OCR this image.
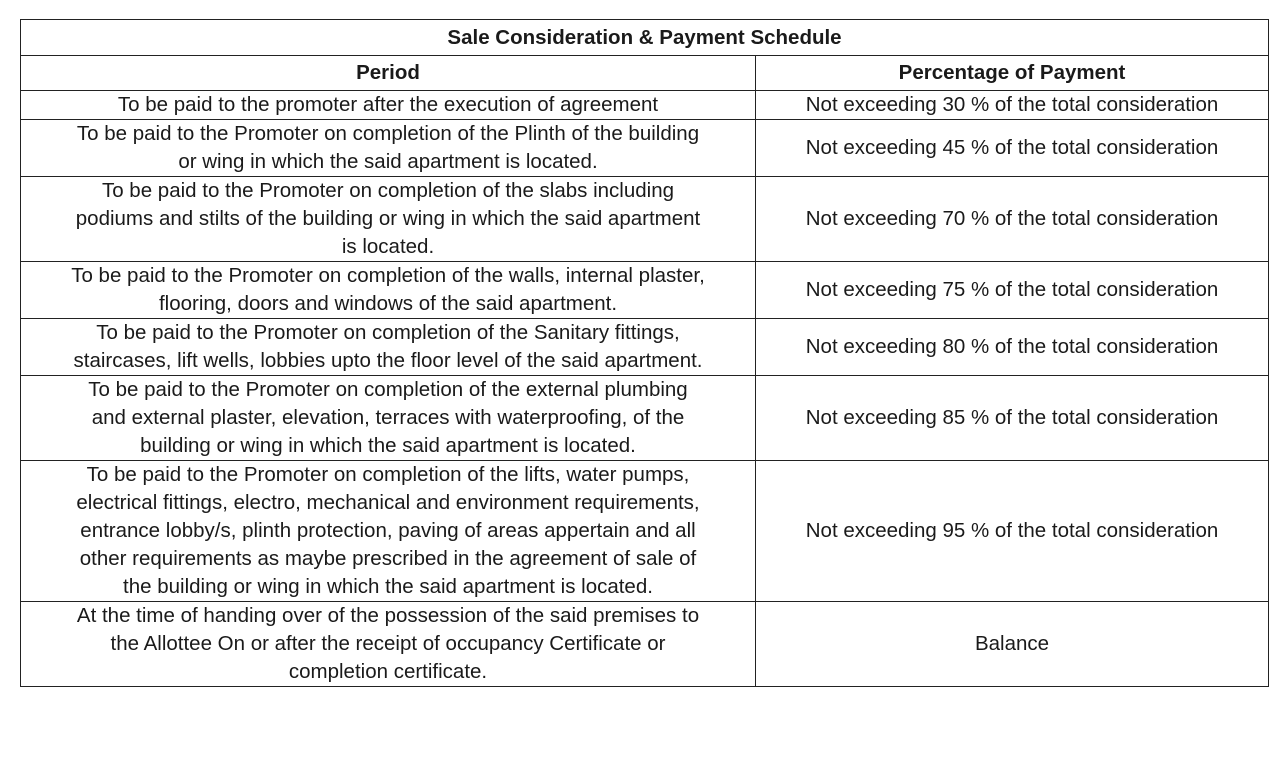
Sale Consideration & Payment Schedule	
Period	Percentage of Payment
To be paid to the promoter after the execution of agreement	Not exceeding 30 % of the total consideration
To be paid to the Promoter on completion of the Plinth of the building
or wing in which the said apartment is located.	Not exceeding 45 % of the total consideration
To be paid to the Promoter on completion of the slabs including
podiums and stilts of the building or wing in which the said apartment
is located.	Not exceeding 70 % of the total consideration
To be paid to the Promoter on completion of the walls, internal plaster,
flooring, doors and windows of the said apartment.	Not exceeding 75 % of the total consideration
To be paid to the Promoter on completion of the Sanitary fittings,
staircases, lift wells, lobbies upto the floor level of the said apartment.	Not exceeding 80 % of the total consideration
To be paid to the Promoter on completion of the external plumbing
and external plaster, elevation, terraces with waterproofing, of the
building or wing in which the said apartment is located.	Not exceeding 85 % of the total consideration
To be paid to the Promoter on completion of the lifts, water pumps,
electrical fittings, electro, mechanical and environment requirements,
entrance lobby/s, plinth protection, paving of areas appertain and all
other requirements as maybe prescribed in the agreement of sale of
the building or wing in which the said apartment is located.	Not exceeding 95 % of the total consideration
At the time of handing over of the possession of the said premises to
the Allottee On or after the receipt of occupancy Certificate or
completion certificate.	Balance
